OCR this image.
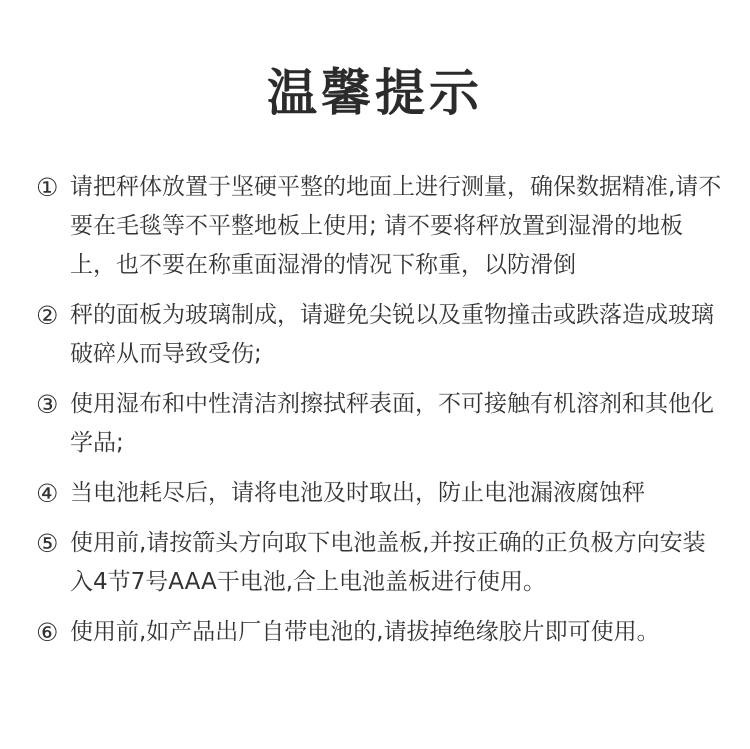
温馨提示
① 请把秤体放置于坚硬平整的地面上进行测量，确保数据精准,请不要在毛毯等不平整地板上使用; 请不要将秤放置到湿滑的地板上，也不要在称重面湿滑的情况下称重，以防滑倒
② 秤的面板为玻璃制成，请避免尖锐以及重物撞击或跌落造成玻璃破碎从而导致受伤;
③ 使用湿布和中性清洁剂擦拭秤表面，不可接触有机溶剂和其他化学品;
④ 当电池耗尽后，请将电池及时取出，防止电池漏液腐蚀秤
⑤ 使用前,请按箭头方向取下电池盖板,并按正确的正负极方向安装入4节7号AAA干电池,合上电池盖板进行使用。
⑥ 使用前,如产品出厂自带电池的,请拔掉绝缘胶片即可使用。
